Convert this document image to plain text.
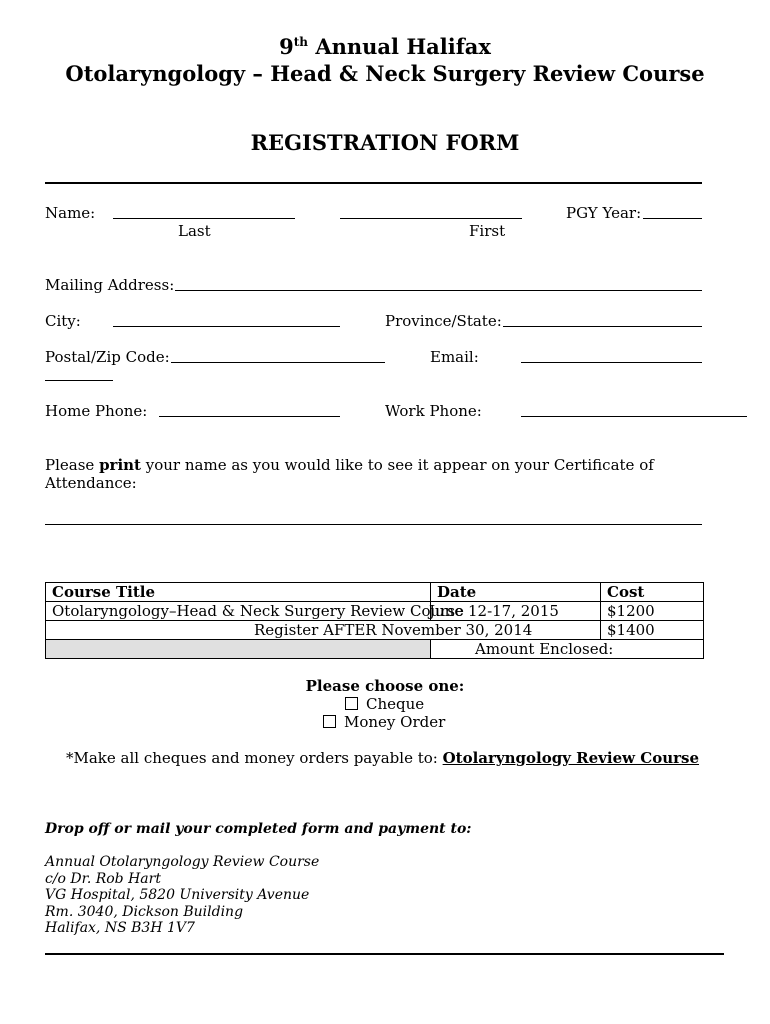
9th Annual Halifax
Otolaryngology – Head & Neck Surgery Review Course
REGISTRATION FORM
Name:	PGY Year:
Last	First
Mailing Address:
City:	Province/State:
Postal/Zip Code:	Email:
Home Phone:	Work Phone:
Please print your name as you would like to see it appear on your Certificate of
Attendance:
Course Title	Date	Cost
Otolaryngology–Head & Neck Surgery Review Course	June 12-17, 2015	$1200
Register AFTER November 30, 2014		$1400
	Amount Enclosed:	
Please choose one:
Cheque
Money Order
*Make all cheques and money orders payable to: Otolaryngology Review Course
Drop off or mail your completed form and payment to:
Annual Otolaryngology Review Course
c/o Dr. Rob Hart
VG Hospital, 5820 University Avenue
Rm. 3040, Dickson Building
Halifax, NS B3H 1V7
